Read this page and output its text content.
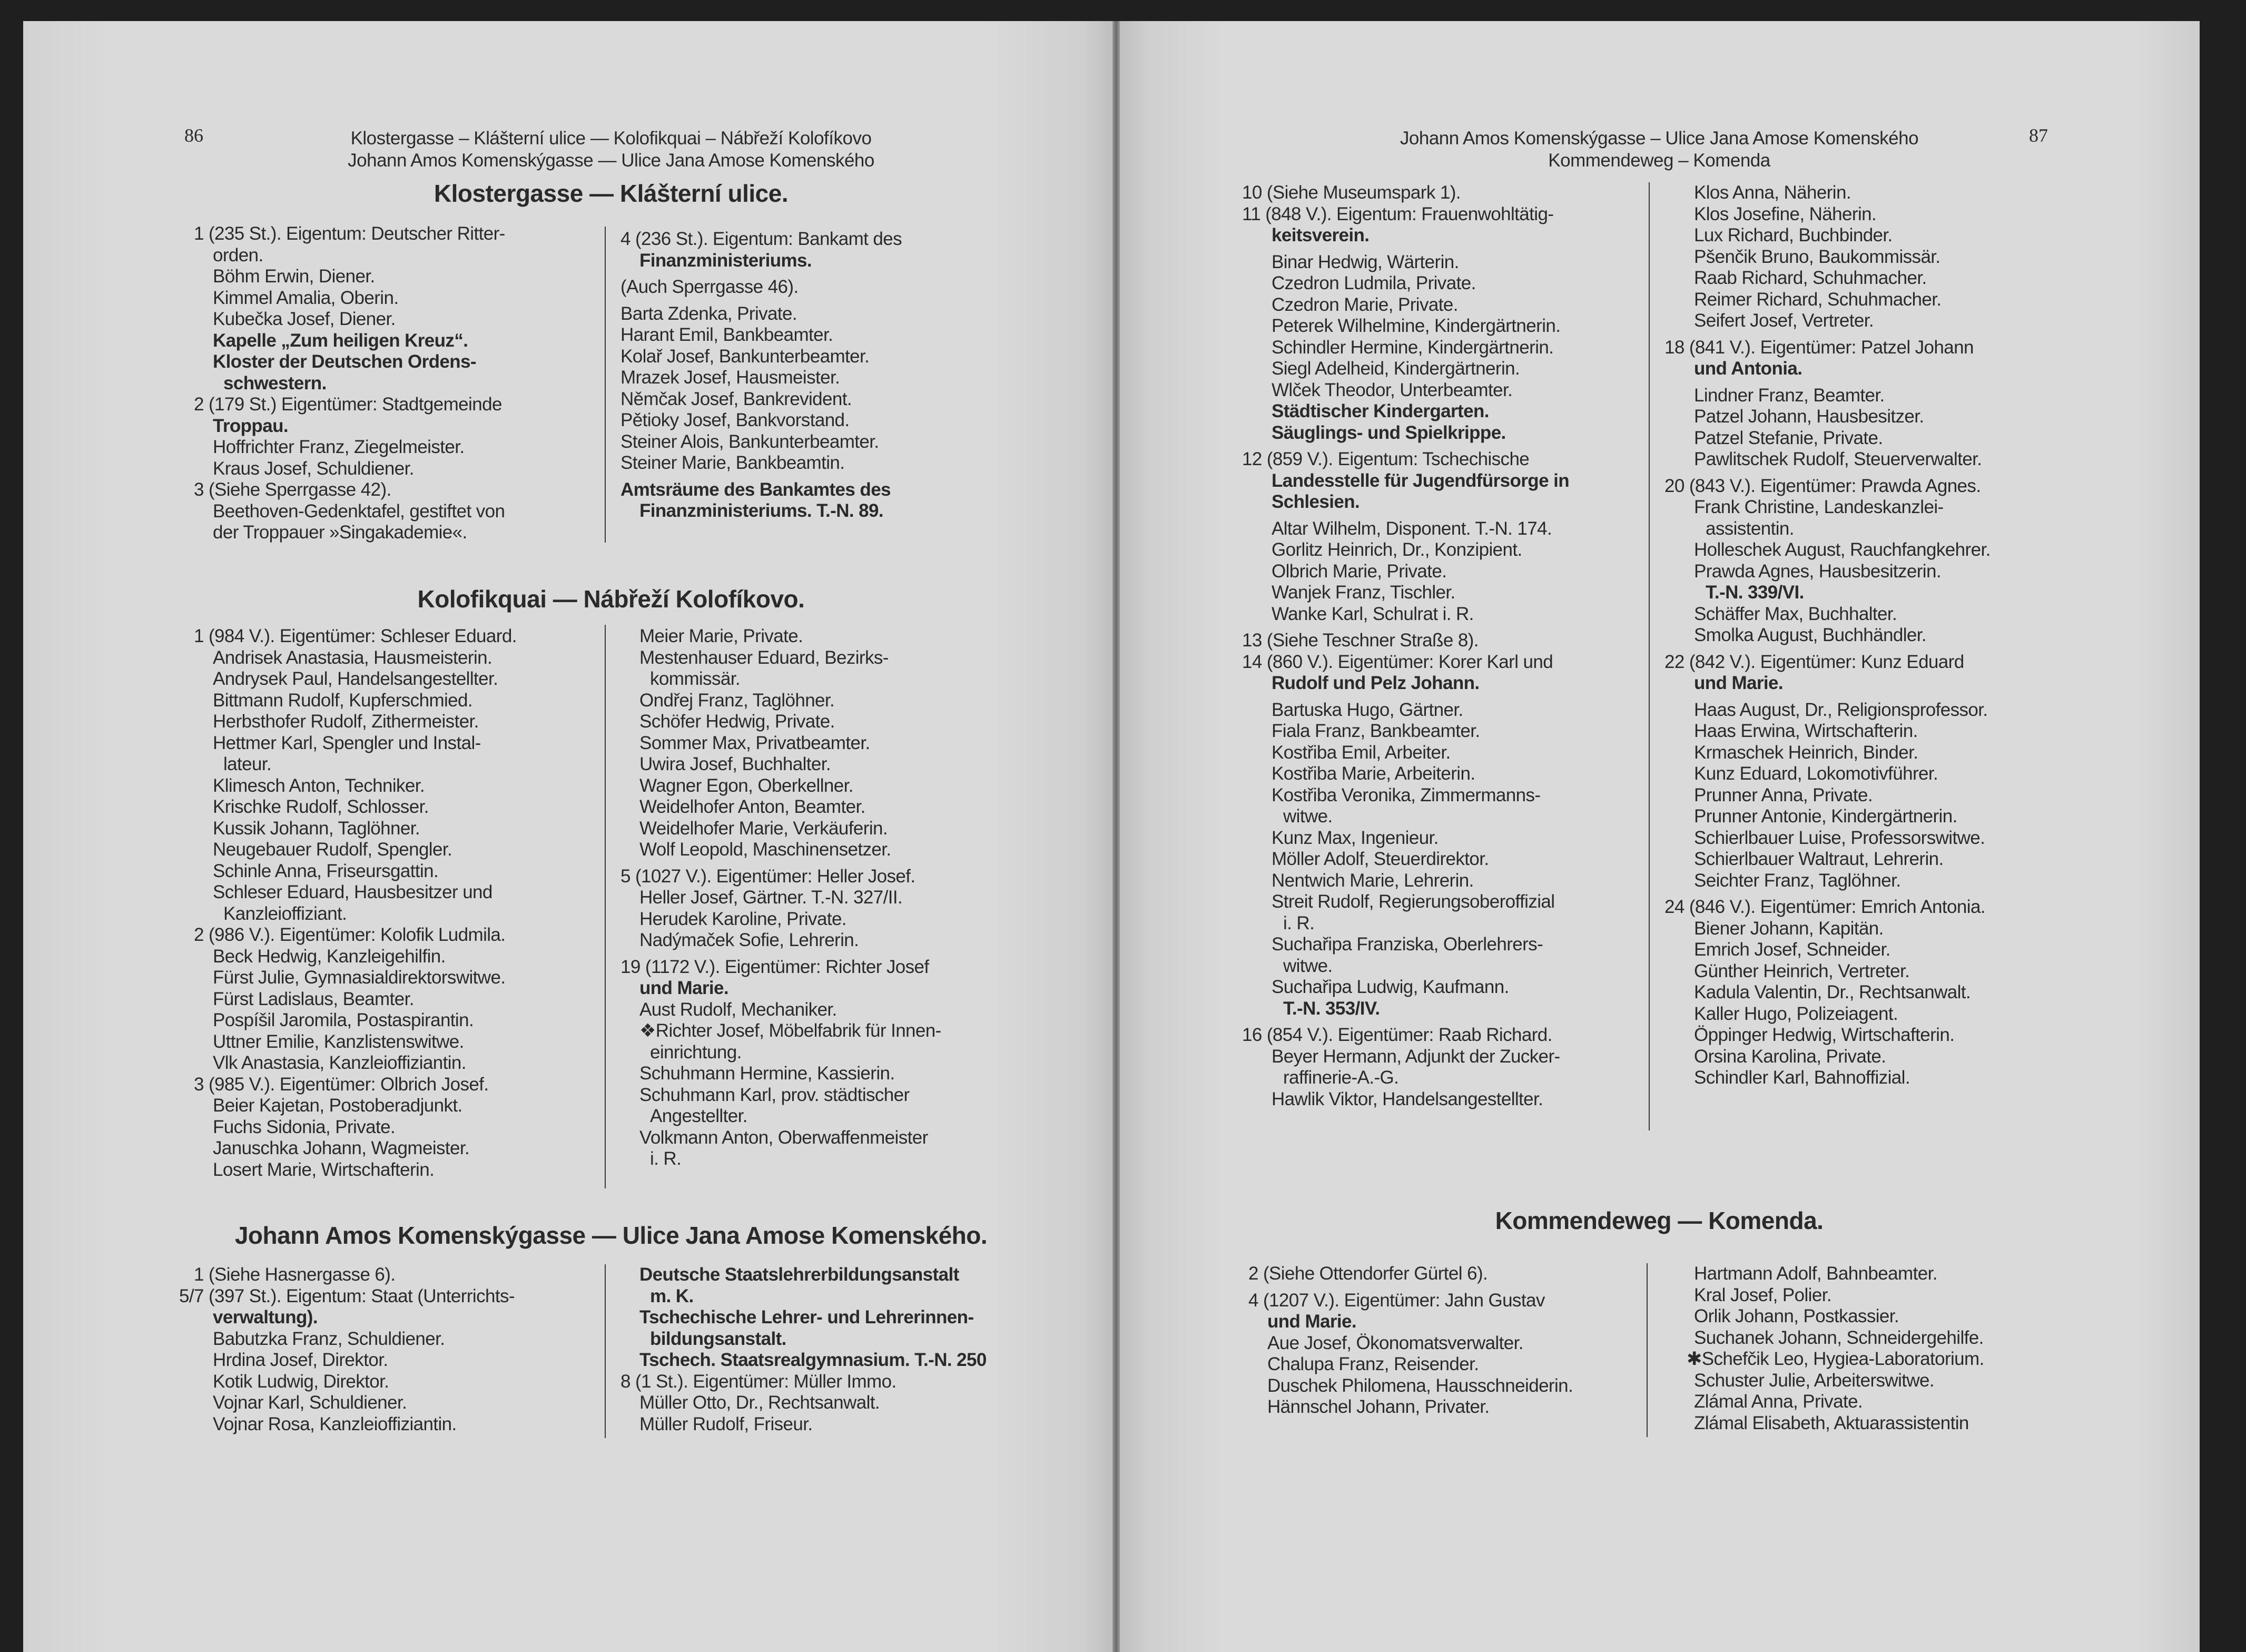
86	Klostergasse – Klášterní ulice — Kolofikquai – Nábřeží Kolofíkovo
Johann Amos Komenskýgasse — Ulice Jana Amose Komenského
Klostergasse — Klášterní ulice.

1 (235 St.). Eigentum: Deutscher Ritter-

orden.

Böhm Erwin, Diener.

Kimmel Amalia, Oberin.

Kubečka Josef, Diener.

Kapelle „Zum heiligen Kreuz“.

Kloster der Deutschen Ordens-

schwestern.

2 (179 St.) Eigentümer: Stadtgemeinde

Troppau.

Hoffrichter Franz, Ziegelmeister.

Kraus Josef, Schuldiener.

3 (Siehe Sperrgasse 42).

Beethoven-Gedenktafel, gestiftet von

der Troppauer »Singakademie«.

4 (236 St.). Eigentum: Bankamt des

Finanzministeriums.

(Auch Sperrgasse 46).

Barta Zdenka, Private.

Harant Emil, Bankbeamter.

Kolař Josef, Bankunterbeamter.

Mrazek Josef, Hausmeister.

Němčak Josef, Bankrevident.

Pětioky Josef, Bankvorstand.

Steiner Alois, Bankunterbeamter.

Steiner Marie, Bankbeamtin.

Amtsräume des Bankamtes des

Finanzministeriums. T.-N. 89.

Kolofikquai — Nábřeží Kolofíkovo.

1 (984 V.). Eigentümer: Schleser Eduard.

Andrisek Anastasia, Hausmeisterin.

Andrysek Paul, Handelsangestellter.

Bittmann Rudolf, Kupferschmied.

Herbsthofer Rudolf, Zithermeister.

Hettmer Karl, Spengler und Instal-

lateur.

Klimesch Anton, Techniker.

Krischke Rudolf, Schlosser.

Kussik Johann, Taglöhner.

Neugebauer Rudolf, Spengler.

Schinle Anna, Friseursgattin.

Schleser Eduard, Hausbesitzer und

Kanzleioffiziant.

2 (986 V.). Eigentümer: Kolofik Ludmila.

Beck Hedwig, Kanzleigehilfin.

Fürst Julie, Gymnasialdirektorswitwe.

Fürst Ladislaus, Beamter.

Pospíšil Jaromila, Postaspirantin.

Uttner Emilie, Kanzlistenswitwe.

Vlk Anastasia, Kanzleioffiziantin.

3 (985 V.). Eigentümer: Olbrich Josef.

Beier Kajetan, Postoberadjunkt.

Fuchs Sidonia, Private.

Januschka Johann, Wagmeister.

Losert Marie, Wirtschafterin.

Meier Marie, Private.

Mestenhauser Eduard, Bezirks-

kommissär.

Ondřej Franz, Taglöhner.

Schöfer Hedwig, Private.

Sommer Max, Privatbeamter.

Uwira Josef, Buchhalter.

Wagner Egon, Oberkellner.

Weidelhofer Anton, Beamter.

Weidelhofer Marie, Verkäuferin.

Wolf Leopold, Maschinensetzer.

5 (1027 V.). Eigentümer: Heller Josef.

Heller Josef, Gärtner. T.-N. 327/II.

Herudek Karoline, Private.

Nadýmaček Sofie, Lehrerin.

19 (1172 V.). Eigentümer: Richter Josef

und Marie.

Aust Rudolf, Mechaniker.

❖Richter Josef, Möbelfabrik für Innen-

einrichtung.

Schuhmann Hermine, Kassierin.

Schuhmann Karl, prov. städtischer

Angestellter.

Volkmann Anton, Oberwaffenmeister

i. R.

Johann Amos Komenskýgasse — Ulice Jana Amose Komenského.

1 (Siehe Hasnergasse 6).

5/7 (397 St.). Eigentum: Staat (Unterrichts-

verwaltung).

Babutzka Franz, Schuldiener.

Hrdina Josef, Direktor.

Kotik Ludwig, Direktor.

Vojnar Karl, Schuldiener.

Vojnar Rosa, Kanzleioffiziantin.

Deutsche Staatslehrerbildungsanstalt

m. K.

Tschechische Lehrer- und Lehrerinnen-

bildungsanstalt.

Tschech. Staatsrealgymnasium. T.-N. 250

8 (1 St.). Eigentümer: Müller Immo.

Müller Otto, Dr., Rechtsanwalt.

Müller Rudolf, Friseur.

Johann Amos Komenskýgasse – Ulice Jana Amose Komenského
Kommendeweg – Komenda
87

10 (Siehe Museumspark 1).

11 (848 V.). Eigentum: Frauenwohltätig-

keitsverein.

Binar Hedwig, Wärterin.

Czedron Ludmila, Private.

Czedron Marie, Private.

Peterek Wilhelmine, Kindergärtnerin.

Schindler Hermine, Kindergärtnerin.

Siegl Adelheid, Kindergärtnerin.

Wlček Theodor, Unterbeamter.

Städtischer Kindergarten.

Säuglings- und Spielkrippe.

12 (859 V.). Eigentum: Tschechische

Landesstelle für Jugendfürsorge in

Schlesien.

Altar Wilhelm, Disponent. T.-N. 174.

Gorlitz Heinrich, Dr., Konzipient.

Olbrich Marie, Private.

Wanjek Franz, Tischler.

Wanke Karl, Schulrat i. R.

13 (Siehe Teschner Straße 8).

14 (860 V.). Eigentümer: Korer Karl und

Rudolf und Pelz Johann.

Bartuska Hugo, Gärtner.

Fiala Franz, Bankbeamter.

Kostřiba Emil, Arbeiter.

Kostřiba Marie, Arbeiterin.

Kostřiba Veronika, Zimmermanns-

witwe.

Kunz Max, Ingenieur.

Möller Adolf, Steuerdirektor.

Nentwich Marie, Lehrerin.

Streit Rudolf, Regierungsoberoffizial

i. R.

Suchařipa Franziska, Oberlehrers-

witwe.

Suchařipa Ludwig, Kaufmann.

T.-N. 353/IV.

16 (854 V.). Eigentümer: Raab Richard.

Beyer Hermann, Adjunkt der Zucker-

raffinerie-A.-G.

Hawlik Viktor, Handelsangestellter.

Klos Anna, Näherin.

Klos Josefine, Näherin.

Lux Richard, Buchbinder.

Pšenčik Bruno, Baukommissär.

Raab Richard, Schuhmacher.

Reimer Richard, Schuhmacher.

Seifert Josef, Vertreter.

18 (841 V.). Eigentümer: Patzel Johann

und Antonia.

Lindner Franz, Beamter.

Patzel Johann, Hausbesitzer.

Patzel Stefanie, Private.

Pawlitschek Rudolf, Steuerverwalter.

20 (843 V.). Eigentümer: Prawda Agnes.

Frank Christine, Landeskanzlei-

assistentin.

Holleschek August, Rauchfangkehrer.

Prawda Agnes, Hausbesitzerin.

T.-N. 339/VI.

Schäffer Max, Buchhalter.

Smolka August, Buchhändler.

22 (842 V.). Eigentümer: Kunz Eduard

und Marie.

Haas August, Dr., Religionsprofessor.

Haas Erwina, Wirtschafterin.

Krmaschek Heinrich, Binder.

Kunz Eduard, Lokomotivführer.

Prunner Anna, Private.

Prunner Antonie, Kindergärtnerin.

Schierlbauer Luise, Professorswitwe.

Schierlbauer Waltraut, Lehrerin.

Seichter Franz, Taglöhner.

24 (846 V.). Eigentümer: Emrich Antonia.

Biener Johann, Kapitän.

Emrich Josef, Schneider.

Günther Heinrich, Vertreter.

Kadula Valentin, Dr., Rechtsanwalt.

Kaller Hugo, Polizeiagent.

Öppinger Hedwig, Wirtschafterin.

Orsina Karolina, Private.

Schindler Karl, Bahnoffizial.

Kommendeweg — Komenda.

2 (Siehe Ottendorfer Gürtel 6).

4 (1207 V.). Eigentümer: Jahn Gustav

und Marie.

Aue Josef, Ökonomatsverwalter.

Chalupa Franz, Reisender.

Duschek Philomena, Hausschneiderin.

Hännschel Johann, Privater.

Hartmann Adolf, Bahnbeamter.

Kral Josef, Polier.

Orlik Johann, Postkassier.

Suchanek Johann, Schneidergehilfe.

✱Schefčik Leo, Hygiea-Laboratorium.

Schuster Julie, Arbeiterswitwe.

Zlámal Anna, Private.

Zlámal Elisabeth, Aktuarassistentin
